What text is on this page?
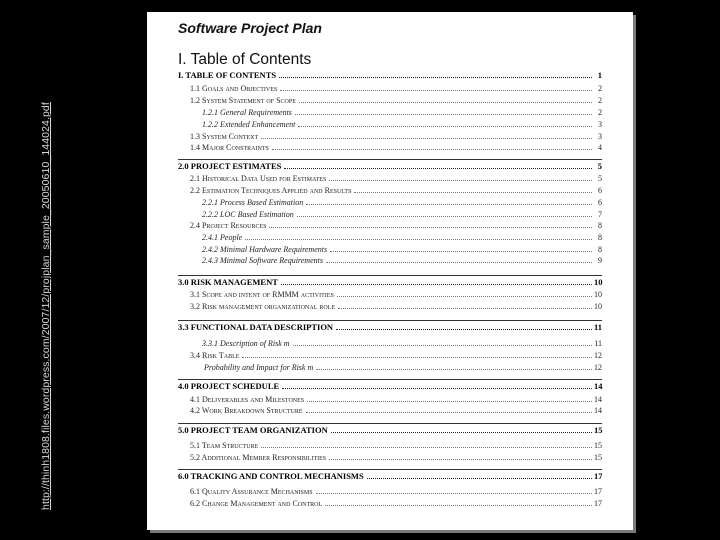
http://thinh1808.files.wordpress.com/2007/12/projplan_sample_20050610_144024.pdf
Software Project Plan
I. Table of Contents
I. TABLE OF CONTENTS	1
1.1 Goals and Objectives	2
1.2 System Statement of Scope	2
1.2.1 General Requirements	2
1.2.2 Extended Enhancement	3
1.3 System Context	3
1.4 Major Constraints	4
2.0 PROJECT ESTIMATES	5
2.1 Historical Data Used for Estimates	5
2.2 Estimation Techniques Applied and Results	6
2.2.1 Process Based Estimation	6
2.2.2 LOC Based Estimation	7
2.4 Project Resources	8
2.4.1 People	8
2.4.2 Minimal Hardware Requirements	8
2.4.3 Minimal Software Requirements	9
3.0 RISK MANAGEMENT	10
3.1 Scope and intent of RMMM activities	10
3.2 Risk management organizational role	10
3.3 FUNCTIONAL DATA DESCRIPTION	11
3.3.1 Description of Risk m	11
3.4 Risk Table	12
Probability and Impact for Risk m	12
4.0 PROJECT SCHEDULE	14
4.1 Deliverables and Milestones	14
4.2 Work Breakdown Structure	14
5.0 PROJECT TEAM ORGANIZATION	15
5.1 Team Structure	15
5.2 Additional Member Responsibilities	15
6.0 TRACKING AND CONTROL MECHANISMS	17
6.1 Quality Assurance Mechanisms	17
6.2 Change Management and Control	17
